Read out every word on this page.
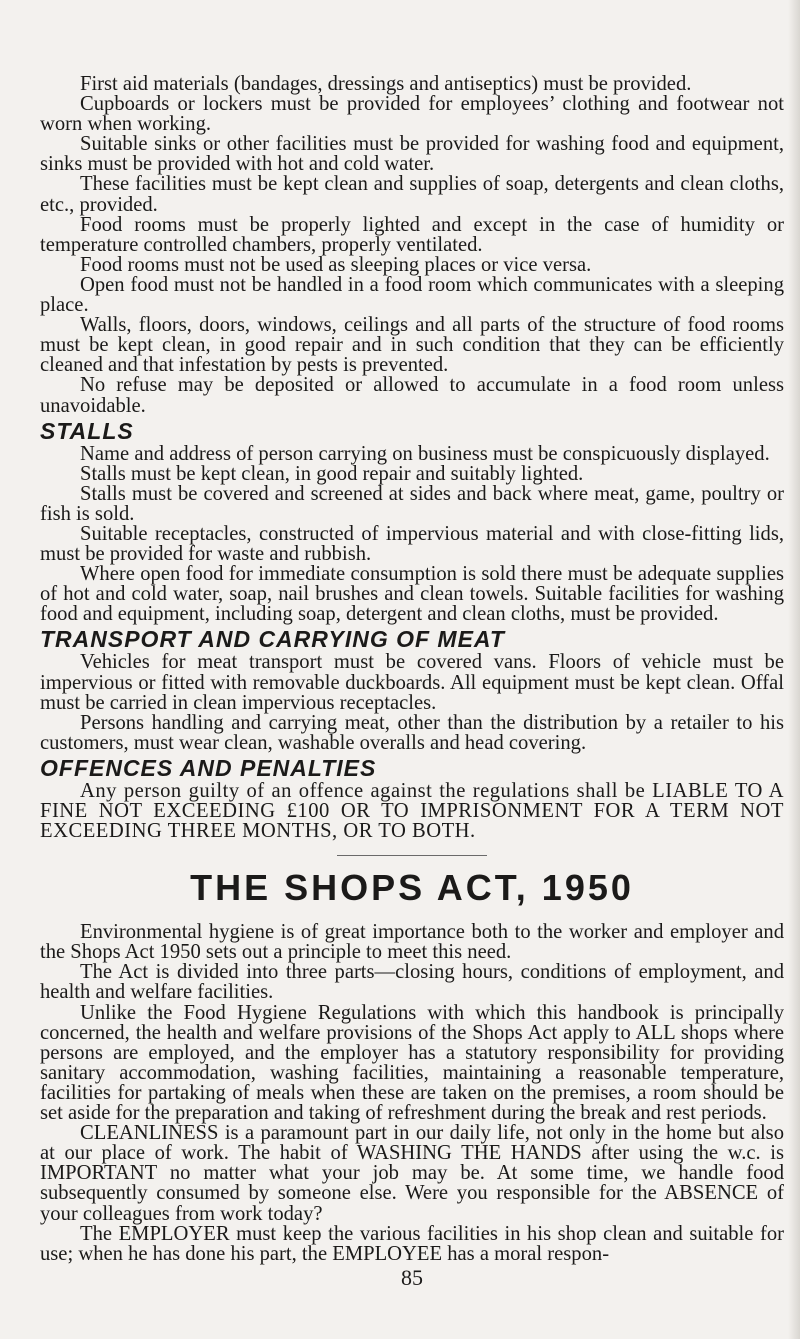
First aid materials (bandages, dressings and antiseptics) must be provided.

Cupboards or lockers must be provided for employees’ clothing and footwear not worn when working.

Suitable sinks or other facilities must be provided for washing food and equipment, sinks must be provided with hot and cold water.

These facilities must be kept clean and supplies of soap, detergents and clean cloths, etc., provided.

Food rooms must be properly lighted and except in the case of humidity or temperature controlled chambers, properly ventilated.

Food rooms must not be used as sleeping places or vice versa.

Open food must not be handled in a food room which communicates with a sleeping place.

Walls, floors, doors, windows, ceilings and all parts of the structure of food rooms must be kept clean, in good repair and in such condition that they can be efficiently cleaned and that infestation by pests is prevented.

No refuse may be deposited or allowed to accumulate in a food room unless unavoidable.

STALLS

Name and address of person carrying on business must be conspicuously displayed.

Stalls must be kept clean, in good repair and suitably lighted.

Stalls must be covered and screened at sides and back where meat, game, poultry or fish is sold.

Suitable receptacles, constructed of impervious material and with close-fitting lids, must be provided for waste and rubbish.

Where open food for immediate consumption is sold there must be adequate supplies of hot and cold water, soap, nail brushes and clean towels. Suitable facilities for washing food and equipment, including soap, detergent and clean cloths, must be provided.

TRANSPORT AND CARRYING OF MEAT

Vehicles for meat transport must be covered vans. Floors of vehicle must be impervious or fitted with removable duckboards. All equipment must be kept clean. Offal must be carried in clean impervious receptacles.

Persons handling and carrying meat, other than the distribution by a retailer to his customers, must wear clean, washable overalls and head covering.

OFFENCES AND PENALTIES

Any person guilty of an offence against the regulations shall be LIABLE TO A FINE NOT EXCEEDING £100 OR TO IMPRISONMENT FOR A TERM NOT EXCEEDING THREE MONTHS, OR TO BOTH.

THE SHOPS ACT, 1950

Environmental hygiene is of great importance both to the worker and employer and the Shops Act 1950 sets out a principle to meet this need.

The Act is divided into three parts—closing hours, conditions of employment, and health and welfare facilities.

Unlike the Food Hygiene Regulations with which this handbook is principally concerned, the health and welfare provisions of the Shops Act apply to ALL shops where persons are employed, and the employer has a statutory responsibility for providing sanitary accommodation, washing facilities, maintaining a reasonable temperature, facilities for partaking of meals when these are taken on the premises, a room should be set aside for the preparation and taking of refreshment during the break and rest periods.

CLEANLINESS is a paramount part in our daily life, not only in the home but also at our place of work. The habit of WASHING THE HANDS after using the w.c. is IMPORTANT no matter what your job may be. At some time, we handle food subsequently consumed by someone else. Were you responsible for the ABSENCE of your colleagues from work today?

The EMPLOYER must keep the various facilities in his shop clean and suitable for use; when he has done his part, the EMPLOYEE has a moral respon-

85
